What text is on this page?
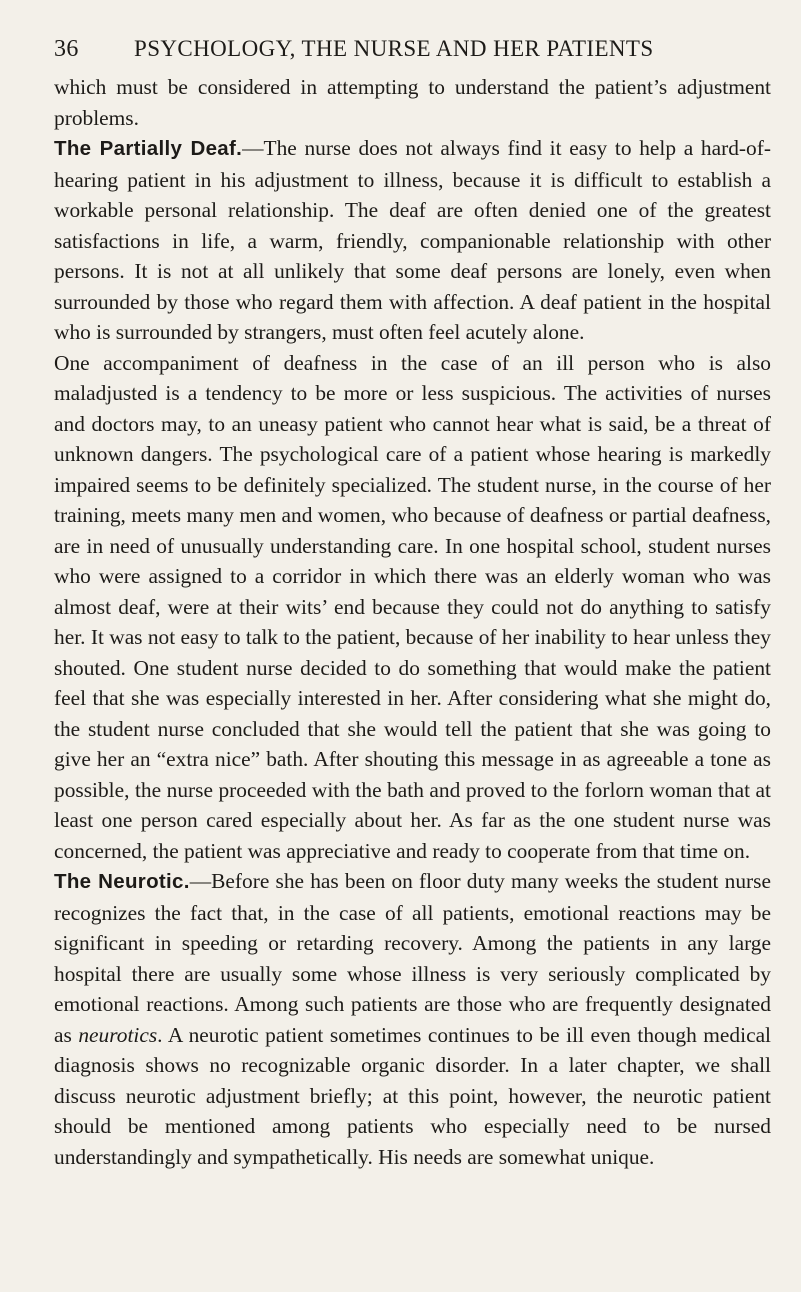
36	PSYCHOLOGY, THE NURSE AND HER PATIENTS

which must be considered in attempting to understand the patient’s adjustment problems.

The Partially Deaf.—The nurse does not always find it easy to help a hard-of-hearing patient in his adjustment to illness, because it is difficult to establish a workable personal relationship. The deaf are often denied one of the greatest satisfactions in life, a warm, friendly, companionable relationship with other persons. It is not at all unlikely that some deaf persons are lonely, even when surrounded by those who regard them with affection. A deaf patient in the hospital who is surrounded by strangers, must often feel acutely alone.

One accompaniment of deafness in the case of an ill person who is also maladjusted is a tendency to be more or less suspicious. The activities of nurses and doctors may, to an uneasy patient who cannot hear what is said, be a threat of unknown dangers. The psychological care of a patient whose hearing is markedly impaired seems to be definitely specialized. The student nurse, in the course of her training, meets many men and women, who because of deafness or partial deafness, are in need of unusually understanding care. In one hospital school, student nurses who were assigned to a corridor in which there was an elderly woman who was almost deaf, were at their wits’ end because they could not do anything to satisfy her. It was not easy to talk to the patient, because of her inability to hear unless they shouted. One student nurse decided to do something that would make the patient feel that she was especially interested in her. After considering what she might do, the student nurse concluded that she would tell the patient that she was going to give her an “extra nice” bath. After shouting this message in as agreeable a tone as possible, the nurse proceeded with the bath and proved to the forlorn woman that at least one person cared especially about her. As far as the one student nurse was concerned, the patient was appreciative and ready to cooperate from that time on.

The Neurotic.—Before she has been on floor duty many weeks the student nurse recognizes the fact that, in the case of all patients, emotional reactions may be significant in speeding or retarding recovery. Among the patients in any large hospital there are usually some whose illness is very seriously complicated by emotional reactions. Among such patients are those who are frequently designated as neurotics. A neurotic patient sometimes continues to be ill even though medical diagnosis shows no recognizable organic disorder. In a later chapter, we shall discuss neurotic adjustment briefly; at this point, however, the neurotic patient should be mentioned among patients who especially need to be nursed understandingly and sympathetically. His needs are somewhat unique.
